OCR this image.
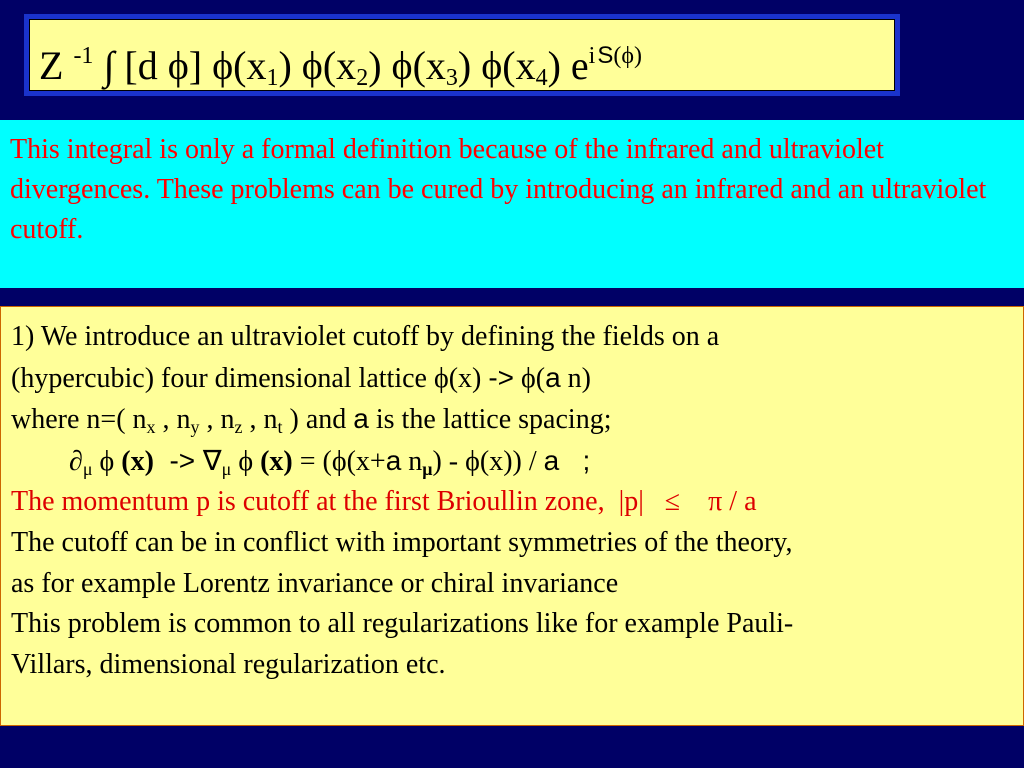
Z $^{-1}$ ∫ [d ϕ] $\phi(x_1)$ $\phi(x_2)$ $\phi(x_3)$ $\phi(x_4)$ $e^i$ $^{S(\phi)}$
This integral is only a formal definition because of the infrared and ultraviolet divergences. These problems can be cured by introducing an infrared and an ultraviolet cutoff.
1) We introduce an ultraviolet cutoff by defining the fields on a
(hypercubic) four dimensional lattice ϕ(x) -> ϕ(a n)
where n=( $n_x$ , $n_y$ , $n_z$ , $n_t$ ) and a is the lattice spacing;
$\partial_\mu$ ϕ $(x) -> \nabla_\mu$ ϕ (x) = (ϕ(x+a $n_\mu) - \phi(x)$) / a   ;
The momentum p is cutoff at the first Brioullin zone,  |p|   ≤    π / a
The cutoff can be in conflict with important symmetries of the theory,
as for example Lorentz invariance or chiral invariance
This problem is common to all regularizations like for example Pauli-
Villars, dimensional regularization etc.
